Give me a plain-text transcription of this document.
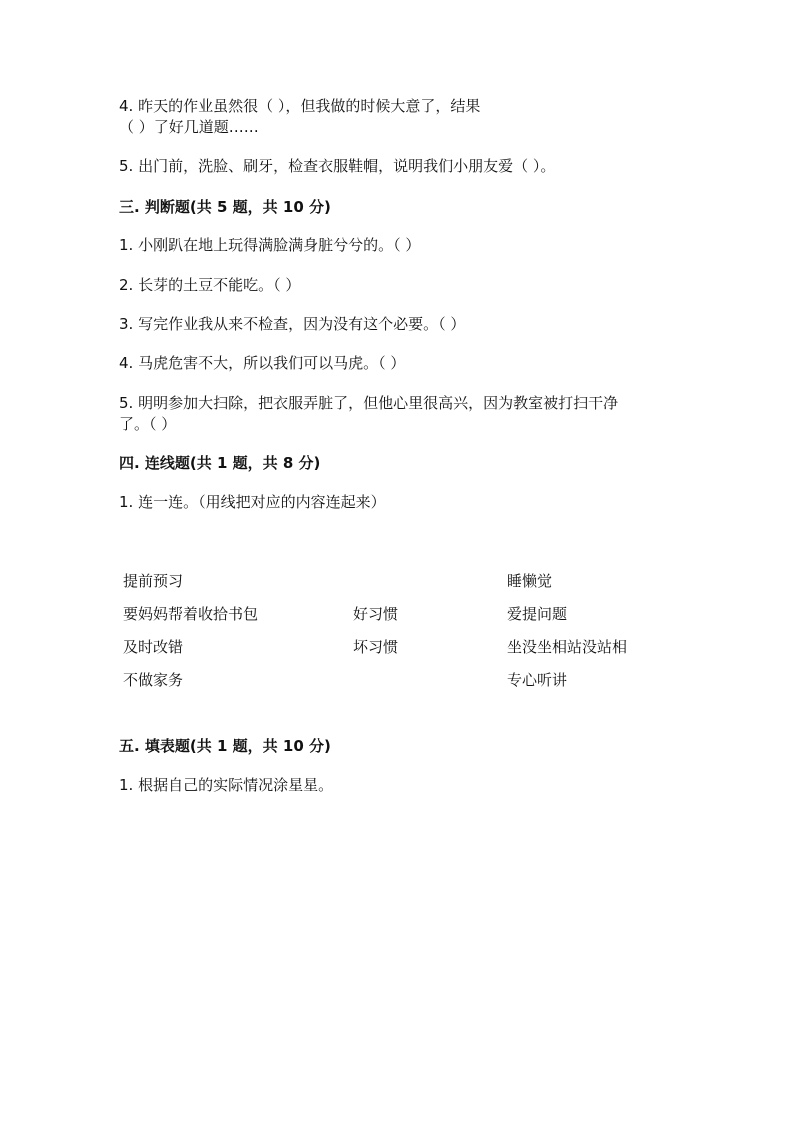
4. 昨天的作业虽然很（ ），但我做的时候大意了，结果
（ ）了好几道题……
5. 出门前，洗脸、刷牙，检查衣服鞋帽，说明我们小朋友爱（ ）。
三. 判断题(共 5 题，共 10 分)
1. 小刚趴在地上玩得满脸满身脏兮兮的。（ ）
2. 长芽的土豆不能吃。（ ）
3. 写完作业我从来不检查，因为没有这个必要。（ ）
4. 马虎危害不大，所以我们可以马虎。（ ）
5. 明明参加大扫除，把衣服弄脏了，但他心里很高兴，因为教室被打扫干净
了。（ ）
四. 连线题(共 1 题，共 8 分)
1. 连一连。（用线把对应的内容连起来）
提前预习
要妈妈帮着收拾书包
及时改错
不做家务
好习惯
坏习惯
睡懒觉
爱提问题
坐没坐相站没站相
专心听讲
五. 填表题(共 1 题，共 10 分)
1. 根据自己的实际情况涂星星。
